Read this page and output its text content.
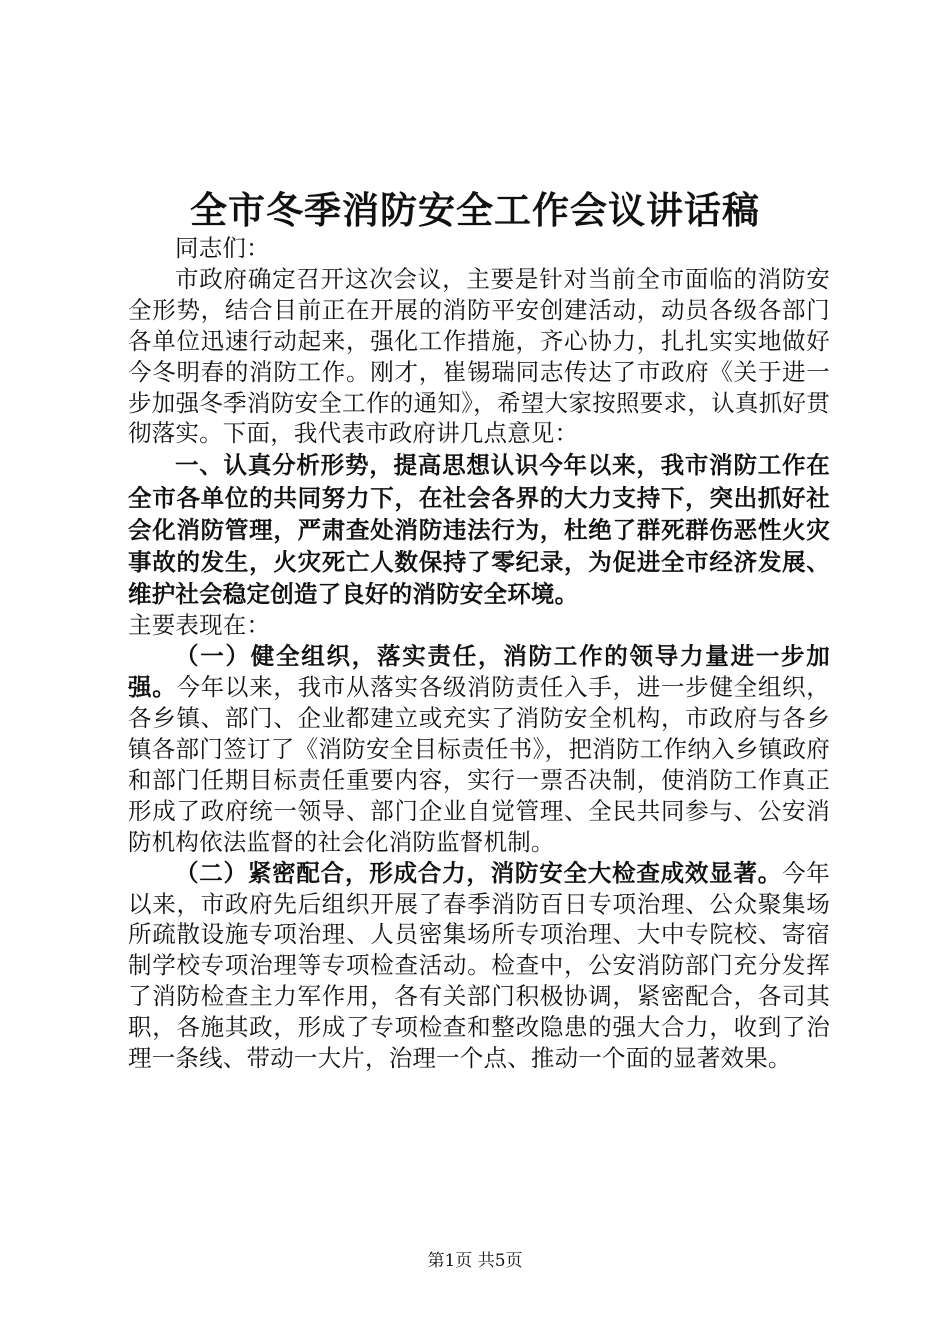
全市冬季消防安全工作会议讲话稿

同志们：

市政府确定召开这次会议，主要是针对当前全市面临的消防安全形势，结合目前正在开展的消防平安创建活动，动员各级各部门各单位迅速行动起来，强化工作措施，齐心协力，扎扎实实地做好今冬明春的消防工作。刚才，崔锡瑞同志传达了市政府《关于进一步加强冬季消防安全工作的通知》，希望大家按照要求，认真抓好贯彻落实。下面，我代表市政府讲几点意见：

一、认真分析形势，提高思想认识今年以来，我市消防工作在全市各单位的共同努力下，在社会各界的大力支持下，突出抓好社会化消防管理，严肃查处消防违法行为，杜绝了群死群伤恶性火灾事故的发生，火灾死亡人数保持了零纪录，为促进全市经济发展、维护社会稳定创造了良好的消防安全环境。

主要表现在：

（一）健全组织，落实责任，消防工作的领导力量进一步加强。今年以来，我市从落实各级消防责任入手，进一步健全组织，各乡镇、部门、企业都建立或充实了消防安全机构，市政府与各乡镇各部门签订了《消防安全目标责任书》，把消防工作纳入乡镇政府和部门任期目标责任重要内容，实行一票否决制，使消防工作真正形成了政府统一领导、部门企业自觉管理、全民共同参与、公安消防机构依法监督的社会化消防监督机制。

（二）紧密配合，形成合力，消防安全大检查成效显著。今年以来，市政府先后组织开展了春季消防百日专项治理、公众聚集场所疏散设施专项治理、人员密集场所专项治理、大中专院校、寄宿制学校专项治理等专项检查活动。检查中，公安消防部门充分发挥了消防检查主力军作用，各有关部门积极协调，紧密配合，各司其职，各施其政，形成了专项检查和整改隐患的强大合力，收到了治理一条线、带动一大片，治理一个点、推动一个面的显著效果。

第1页 共5页
